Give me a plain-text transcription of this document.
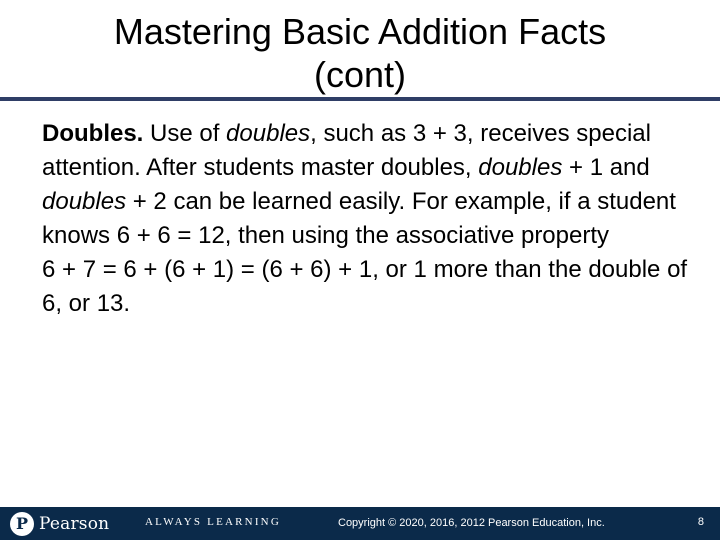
Mastering Basic Addition Facts
(cont)

Doubles. Use of doubles, such as 3 + 3, receives special attention. After students master doubles, doubles + 1 and doubles + 2 can be learned easily. For example, if a student knows 6 + 6 = 12, then using the associative property
6 + 7 = 6 + (6 + 1) = (6 + 6) + 1, or 1 more than the double of 6, or 13.

P Pearson	ALWAYS LEARNING	Copyright © 2020, 2016, 2012 Pearson Education, Inc.	8
